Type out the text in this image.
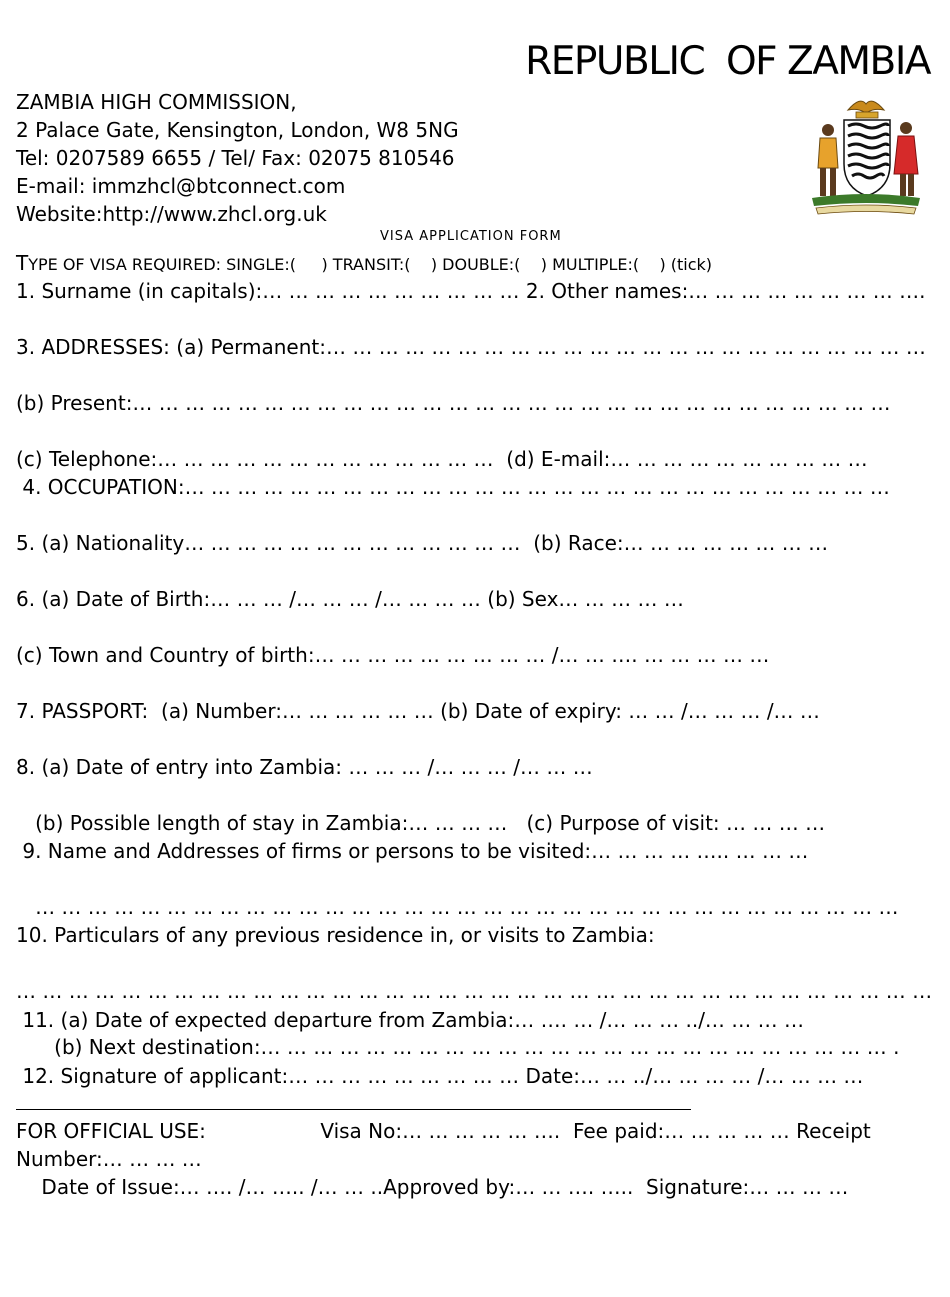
REPUBLIC  OF ZAMBIA
ZAMBIA HIGH COMMISSION,
2 Palace Gate, Kensington, London, W8 5NG
Tel: 0207589 6655 / Tel/ Fax: 02075 810546
E-mail: immzhcl@btconnect.com
Website:http://www.zhcl.org.uk
VISA APPLICATION FORM
TYPE OF VISA REQUIRED: SINGLE:(     ) TRANSIT:(    ) DOUBLE:(    ) MULTIPLE:(    ) (tick)
1. Surname (in capitals):… … … … … … … … … … 2. Other names:… … … … … … … … ….
3. ADDRESSES: (a) Permanent:… … … … … … … … … … … … … … … … … … … … … … …
(b) Present:… … … … … … … … … … … … … … … … … … … … … … … … … … … … …
(c) Telephone:… … … … … … … … … … … … …  (d) E-mail:… … … … … … … … … …
4. OCCUPATION:… … … … … … … … … … … … … … … … … … … … … … … … … … …
5. (a) Nationality… … … … … … … … … … … … …  (b) Race:… … … … … … … …
6. (a) Date of Birth:… … … /… … … /… … … … (b) Sex… … … … …
(c) Town and Country of birth:… … … … … … … … … /… … …. … … … … …
7. PASSPORT:  (a) Number:… … … … … … (b) Date of expiry: … … /… … … /… …
8. (a) Date of entry into Zambia: … … … /… … … /… … …
(b) Possible length of stay in Zambia:… … … …   (c) Purpose of visit: … … … …
9. Name and Addresses of firms or persons to be visited:… … … … ….. … … …
… … … … … … … … … … … … … … … … … … … … … … … … … … … … … … … … …
10. Particulars of any previous residence in, or visits to Zambia:
… … … … … … … … … … … … … … … … … … … … … … … … … … … … … … … … … … …
11. (a) Date of expected departure from Zambia:… …. … /… … … ../… … … …
(b) Next destination:… … … … … … … … … … … … … … … … … … … … … … … … .
12. Signature of applicant:… … … … … … … … … Date:… … ../… … … … /… … … …
FOR OFFICIAL USE:                  Visa No:… … … … … ….  Fee paid:… … … … … Receipt
Number:… … … …
Date of Issue:… …. /… ….. /… … ..Approved by:… … …. …..  Signature:… … … …
